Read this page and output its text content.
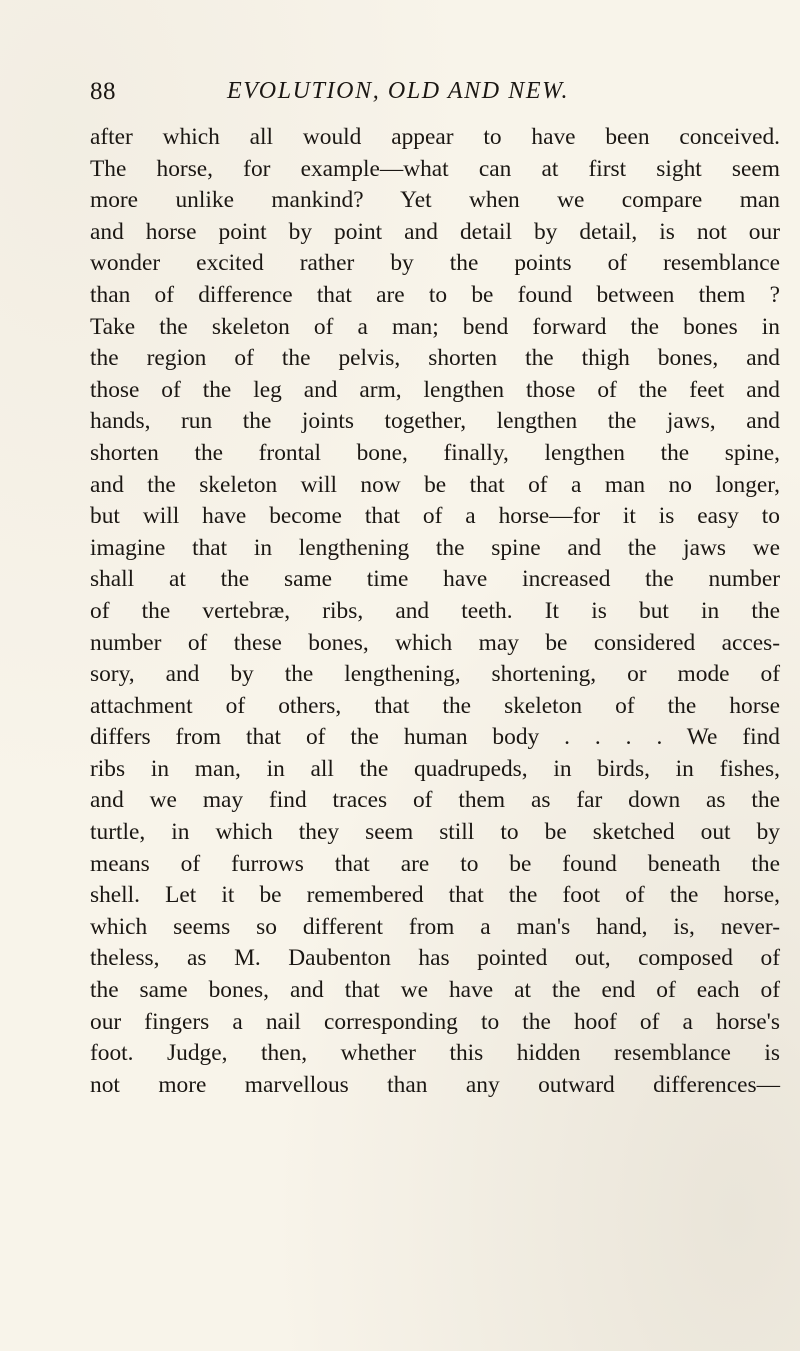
88	EVOLUTION, OLD AND NEW.
after which all would appear to have been conceived.
The horse, for example—what can at first sight seem
more unlike mankind? Yet when we compare man
and horse point by point and detail by detail, is not our
wonder excited rather by the points of resemblance
than of difference that are to be found between them ?
Take the skeleton of a man; bend forward the bones in
the region of the pelvis, shorten the thigh bones, and
those of the leg and arm, lengthen those of the feet and
hands, run the joints together, lengthen the jaws, and
shorten the frontal bone, finally, lengthen the spine,
and the skeleton will now be that of a man no longer,
but will have become that of a horse—for it is easy to
imagine that in lengthening the spine and the jaws we
shall at the same time have increased the number
of the vertebræ, ribs, and teeth. It is but in the
number of these bones, which may be considered acces-
sory, and by the lengthening, shortening, or mode of
attachment of others, that the skeleton of the horse
differs from that of the human body . . . . We find
ribs in man, in all the quadrupeds, in birds, in fishes,
and we may find traces of them as far down as the
turtle, in which they seem still to be sketched out by
means of furrows that are to be found beneath the
shell. Let it be remembered that the foot of the horse,
which seems so different from a man's hand, is, never-
theless, as M. Daubenton has pointed out, composed of
the same bones, and that we have at the end of each of
our fingers a nail corresponding to the hoof of a horse's
foot. Judge, then, whether this hidden resemblance is
not more marvellous than any outward differences—
